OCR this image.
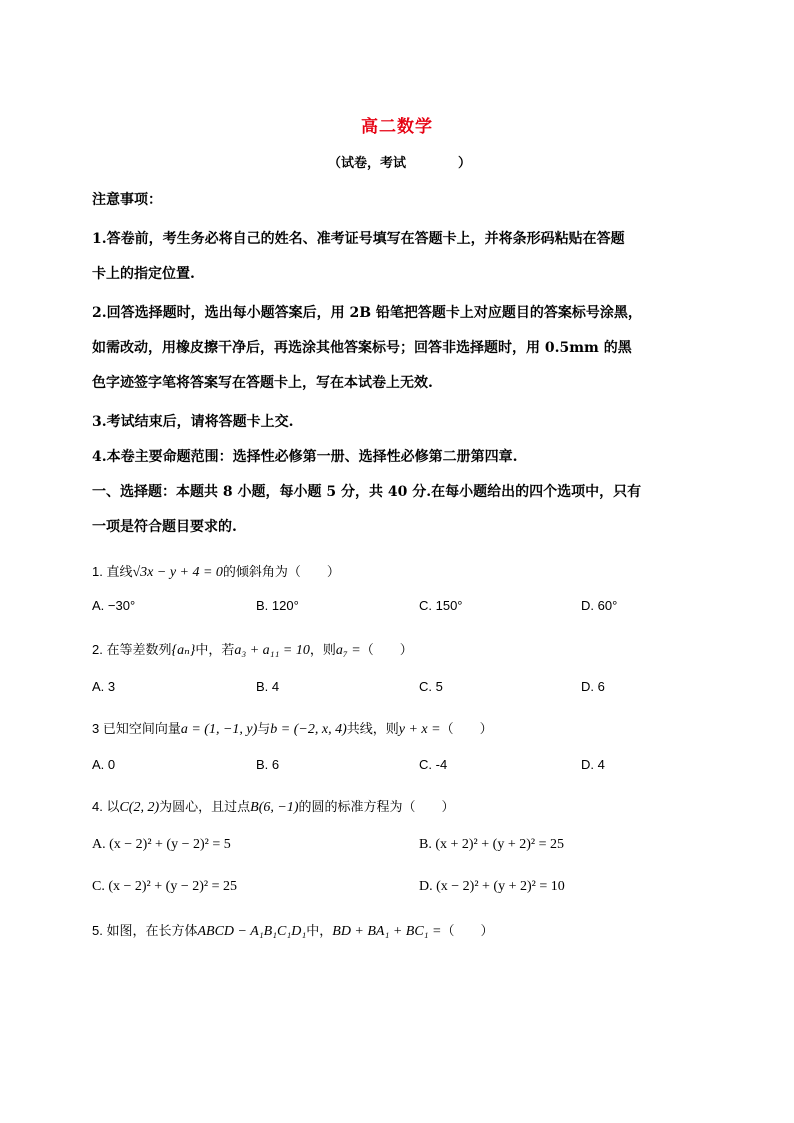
高二数学
（试卷，考试	）
注意事项：
1.答卷前，考生务必将自己的姓名、准考证号填写在答题卡上，并将条形码粘贴在答题
卡上的指定位置.
2.回答选择题时，选出每小题答案后，用 2B 铅笔把答题卡上对应题目的答案标号涂黑，
如需改动，用橡皮擦干净后，再选涂其他答案标号；回答非选择题时，用 0.5mm 的黑
色字迹签字笔将答案写在答题卡上，写在本试卷上无效.
3.考试结束后，请将答题卡上交.
4.本卷主要命题范围：选择性必修第一册、选择性必修第二册第四章.
一、选择题：本题共 8 小题，每小题 5 分，共 40 分.在每小题给出的四个选项中，只有
一项是符合题目要求的.
1. 直线√3x − y + 4 = 0的倾斜角为（　　）
A. −30°	B. 120°	C. 150°	D. 60°
2. 在等差数列{aₙ}中，若a₃ + a₁₁ = 10，则a₇ =（　　）
A. 3	B. 4	C. 5	D. 6
3 已知空间向量a = (1, −1, y)与b = (−2, x, 4)共线，则y + x =（　　）
A. 0	B. 6	C. -4	D. 4
4. 以C(2, 2)为圆心，且过点B(6, −1)的圆的标准方程为（　　）
A. (x − 2)² + (y − 2)² = 5	B. (x + 2)² + (y + 2)² = 25
C. (x − 2)² + (y − 2)² = 25	D. (x − 2)² + (y + 2)² = 10
5. 如图，在长方体ABCD − A₁B₁C₁D₁中，BD + BA₁ + BC₁ =（　　）
